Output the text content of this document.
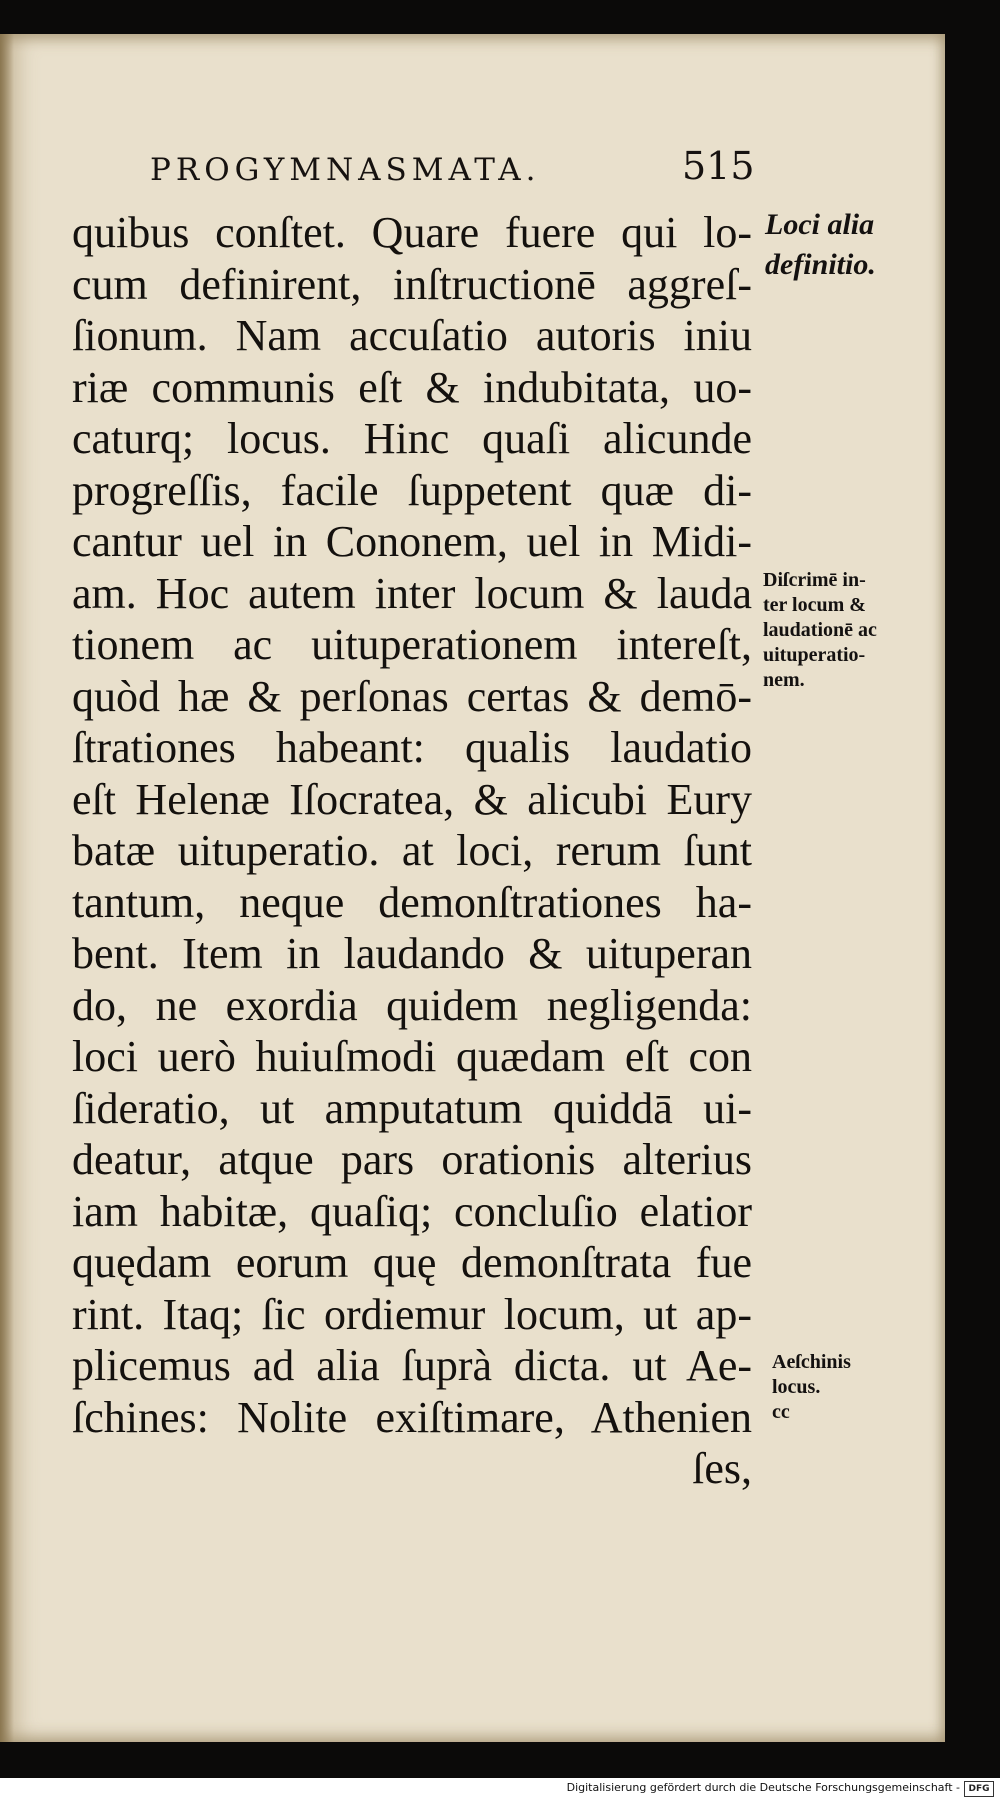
PROGYMNASMATA.	515
quibus conſtet. Quare fuere qui lo-
cum definirent, inſtructionē aggreſ-
ſionum. Nam accuſatio autoris iniu
riæ communis eſt & indubitata, uo-
caturq; locus. Hinc quaſi alicunde
progreſſis, facile ſuppetent quæ di-
cantur uel in Cononem, uel in Midi-
am. Hoc autem inter locum & lauda
tionem ac uituperationem intereſt,
quòd hæ & perſonas certas & demō-
ſtrationes habeant: qualis laudatio
eſt Helenæ Iſocratea, & alicubi Eury
batæ uituperatio. at loci, rerum ſunt
tantum, neque demonſtrationes ha-
bent. Item in laudando & uituperan
do, ne exordia quidem negligenda:
loci uerò huiuſmodi quædam eſt con
ſideratio, ut amputatum quiddā ui-
deatur, atque pars orationis alterius
iam habitæ, quaſiq; concluſio elatior
quędam eorum quę demonſtrata fue
rint. Itaq; ſic ordiemur locum, ut ap-
plicemus ad alia ſuprà dicta. ut Ae-
ſchines: Nolite exiſtimare, Athenien
ſes,
Loci alia
definitio.
Diſcrimē in-
ter locum &
laudationē ac
uituperatio-
nem.
Aeſchinis
locus.
cc
Digitalisierung gefördert durch die Deutsche Forschungsgemeinschaft - DFG
